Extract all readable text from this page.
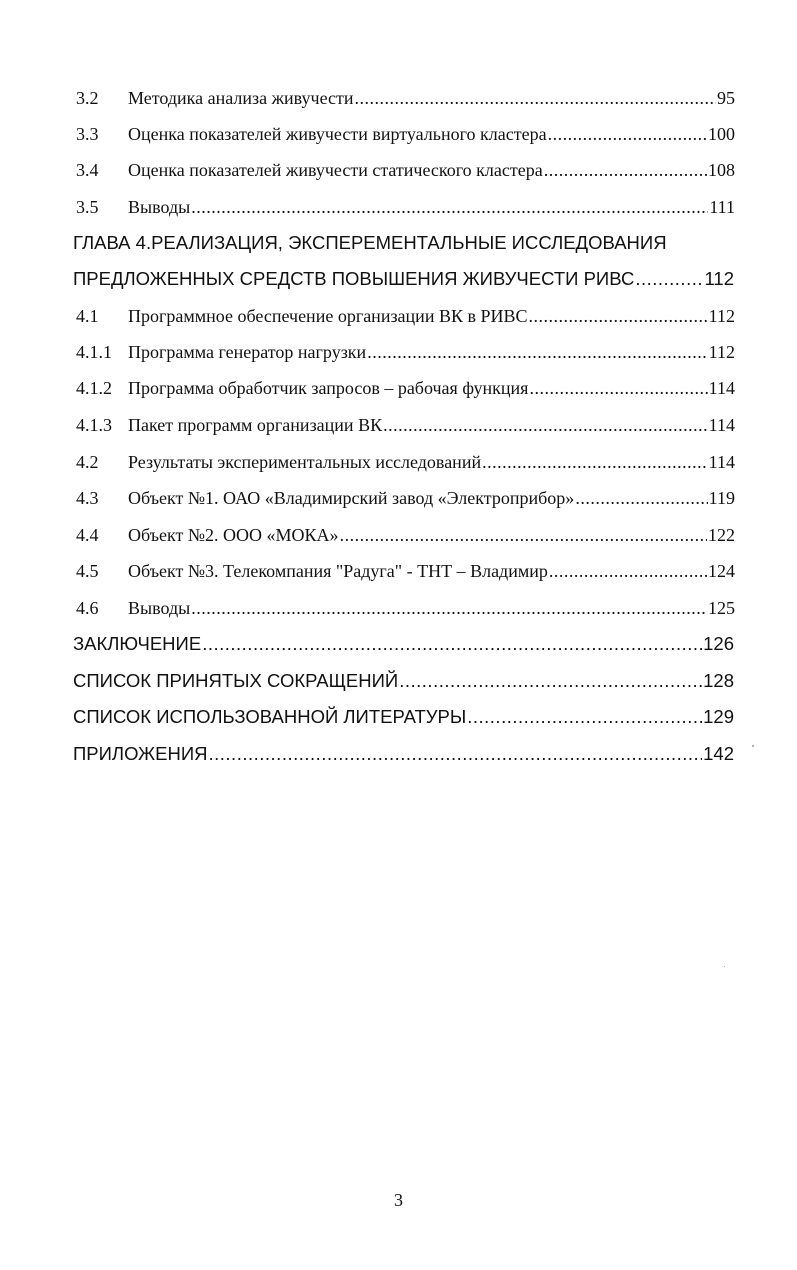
3.2 Методика анализа живучести .....	95
3.3 Оценка показателей живучести виртуального кластера .....	100
3.4 Оценка показателей живучести статического кластера .....	108
3.5 Выводы .....	111
ГЛАВА 4.РЕАЛИЗАЦИЯ, ЭКСПЕРЕМЕНТАЛЬНЫЕ ИССЛЕДОВАНИЯ
ПРЕДЛОЖЕННЫХ СРЕДСТВ ПОВЫШЕНИЯ ЖИВУЧЕСТИ РИВС .....	112
4.1 Программное обеспечение организации ВК в РИВС .....	112
4.1.1 Программа генератор нагрузки .....	112
4.1.2 Программа обработчик запросов – рабочая функция .....	114
4.1.3 Пакет программ организации ВК .....	114
4.2 Результаты экспериментальных исследований .....	114
4.3 Объект №1. ОАО «Владимирский завод «Электроприбор» .....	119
4.4 Объект №2. ООО «МОКА» .....	122
4.5 Объект №3. Телекомпания "Радуга" - ТНТ – Владимир .....	124
4.6 Выводы .....	125
ЗАКЛЮЧЕНИЕ .....	126
СПИСОК ПРИНЯТЫХ СОКРАЩЕНИЙ .....	128
СПИСОК ИСПОЛЬЗОВАННОЙ ЛИТЕРАТУРЫ .....	129
ПРИЛОЖЕНИЯ .....	142
3
